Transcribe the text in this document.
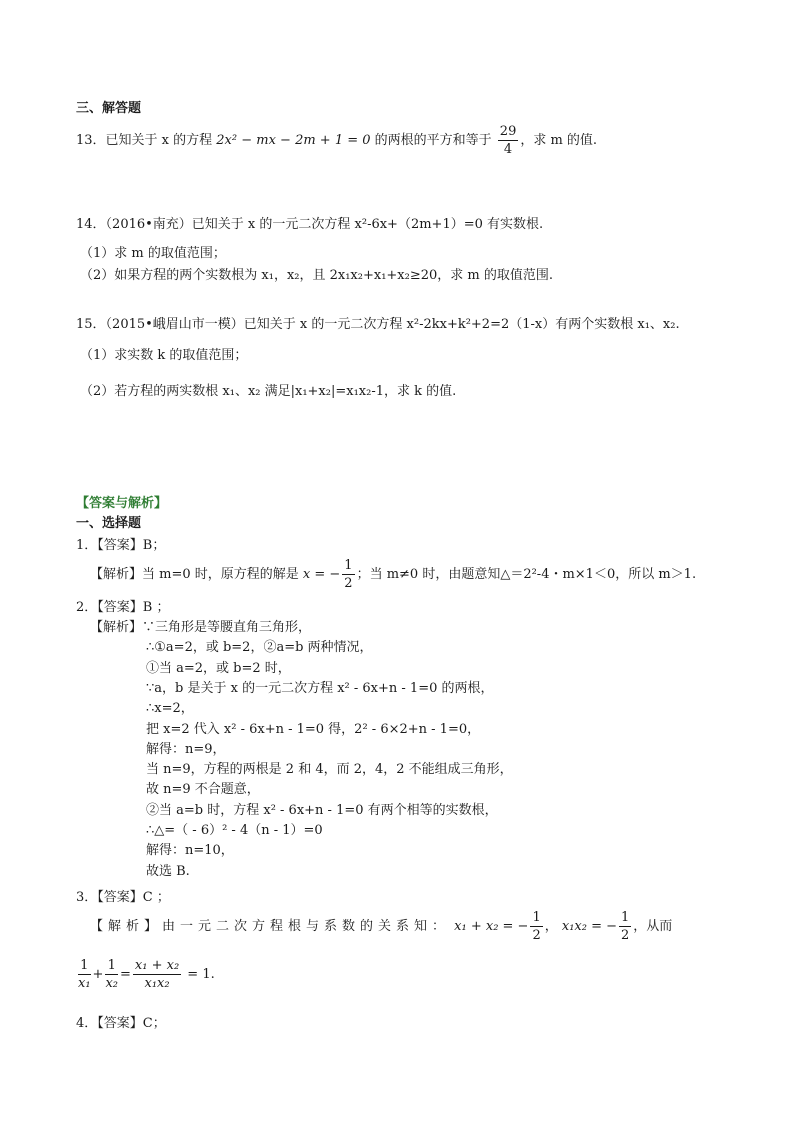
三、解答题
13．已知关于 x 的方程 2x² − mx − 2m + 1 = 0 的两根的平方和等于 $\frac{29}{4}$ ，求 m 的值.
14．（2016•南充）已知关于 x 的一元二次方程 x²-6x+（2m+1）=0 有实数根.
（1）求 m 的取值范围；
（2）如果方程的两个实数根为 x₁，x₂，且 2x₁x₂+x₁+x₂≥20，求 m 的取值范围.
15．（2015•峨眉山市一模）已知关于 x 的一元二次方程 x²-2kx+k²+2=2（1-x）有两个实数根 x₁、x₂.
（1）求实数 k 的取值范围；
（2）若方程的两实数根 x₁、x₂ 满足|x₁+x₂|=x₁x₂-1，求 k 的值.
【答案与解析】
一、选择题
1．【答案】B；
【解析】当 m=0 时，原方程的解是 x = − $\frac{1}{2}$ ；当 m≠0 时，由题意知△＝2²-4・m×1＜0，所以 m＞1.
2．【答案】B ；
【解析】∵三角形是等腰直角三角形，
∴①a=2，或 b=2，②a=b 两种情况，
①当 a=2，或 b=2 时，
∵a，b 是关于 x 的一元二次方程 x² - 6x+n - 1=0 的两根，
∴x=2，
把 x=2 代入 x² - 6x+n - 1=0 得，2² - 6×2+n - 1=0，
解得：n=9，
当 n=9，方程的两根是 2 和 4，而 2，4，2 不能组成三角形，
故 n=9 不合题意，
②当 a=b 时，方程 x² - 6x+n - 1=0 有两个相等的实数根，
∴△=（ - 6）² - 4（n - 1）=0
解得：n=10，
故选 B.
3．【答案】C ；
【解析】由一元二次方程根与系数的关系知： x₁ + x₂ = − $\frac{1}{2}$ ， x₁x₂ = − $\frac{1}{2}$ ，从而
$\frac{1}{\text{x₁}} + \frac{1}{\text{x₂}} = \frac{\text{x₁ + x₂}}{\text{x₁x₂}} = 1$.
4．【答案】C；
